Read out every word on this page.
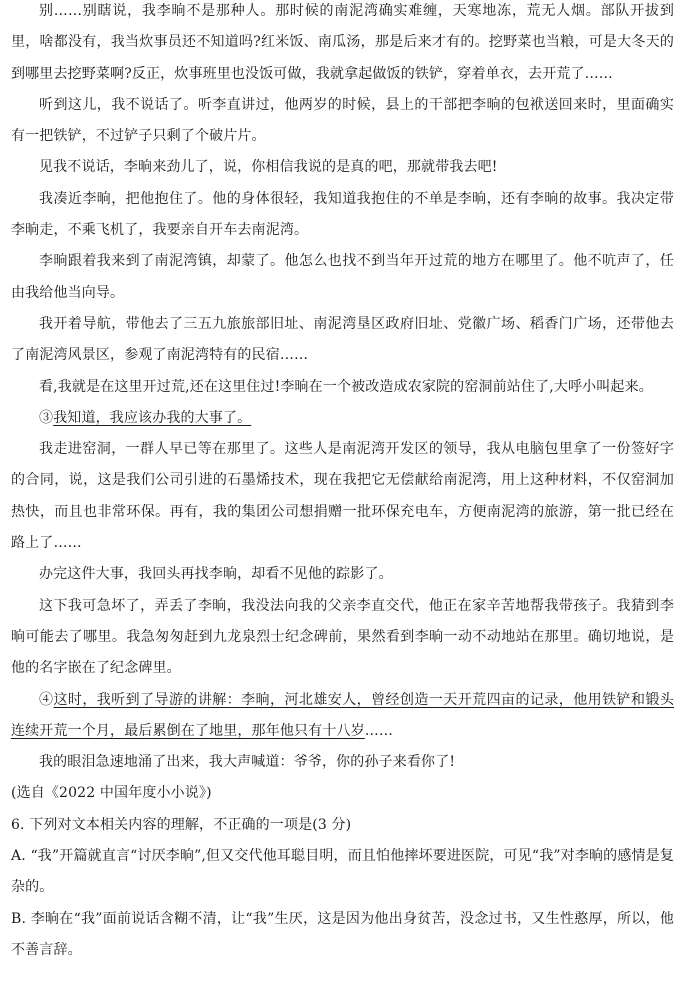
别……别瞎说，我李晌不是那种人。那时候的南泥湾确实难缠，天寒地冻，荒无人烟。部队开拔到里，啥都没有，我当炊事员还不知道吗?红米饭、南瓜汤，那是后来才有的。挖野菜也当粮，可是大冬天的到哪里去挖野菜啊?反正，炊事班里也没饭可做，我就拿起做饭的铁铲，穿着单衣，去开荒了……

听到这儿，我不说话了。听李直讲过，他两岁的时候，县上的干部把李晌的包袱送回来时，里面确实有一把铁铲，不过铲子只剩了个破片片。

见我不说话，李晌来劲儿了，说，你相信我说的是真的吧，那就带我去吧!

我凑近李晌，把他抱住了。他的身体很轻，我知道我抱住的不单是李晌，还有李晌的故事。我决定带李晌走，不乘飞机了，我要亲自开车去南泥湾。

李晌跟着我来到了南泥湾镇，却蒙了。他怎么也找不到当年开过荒的地方在哪里了。他不吭声了，任由我给他当向导。

我开着导航，带他去了三五九旅旅部旧址、南泥湾垦区政府旧址、党徽广场、稻香门广场，还带他去了南泥湾风景区，参观了南泥湾特有的民宿……

看,我就是在这里开过荒,还在这里住过!李晌在一个被改造成农家院的窑洞前站住了,大呼小叫起来。

③我知道，我应该办我的大事了。

我走进窑洞，一群人早已等在那里了。这些人是南泥湾开发区的领导，我从电脑包里拿了一份签好字的合同，说，这是我们公司引进的石墨烯技术，现在我把它无偿献给南泥湾，用上这种材料，不仅窑洞加热快，而且也非常环保。再有，我的集团公司想捐赠一批环保充电车，方便南泥湾的旅游，第一批已经在路上了……

办完这件大事，我回头再找李晌，却看不见他的踪影了。

这下我可急坏了，弄丢了李晌，我没法向我的父亲李直交代，他正在家辛苦地帮我带孩子。我猜到李晌可能去了哪里。我急匆匆赶到九龙泉烈士纪念碑前，果然看到李晌一动不动地站在那里。确切地说，是他的名字嵌在了纪念碑里。

④这时，我听到了导游的讲解：李晌，河北雄安人，曾经创造一天开荒四亩的记录，他用铁铲和锻头连续开荒一个月，最后累倒在了地里，那年他只有十八岁……

我的眼泪急速地涌了出来，我大声喊道：爷爷，你的孙子来看你了!

(选自《2022 中国年度小小说》)

6. 下列对文本相关内容的理解，不正确的一项是(3 分)

A. “我”开篇就直言“讨厌李晌”,但又交代他耳聪目明，而且怕他摔坏要进医院，可见“我”对李晌的感情是复杂的。

B. 李晌在“我”面前说话含糊不清，让“我”生厌，这是因为他出身贫苦，没念过书，又生性憨厚，所以，他不善言辞。
